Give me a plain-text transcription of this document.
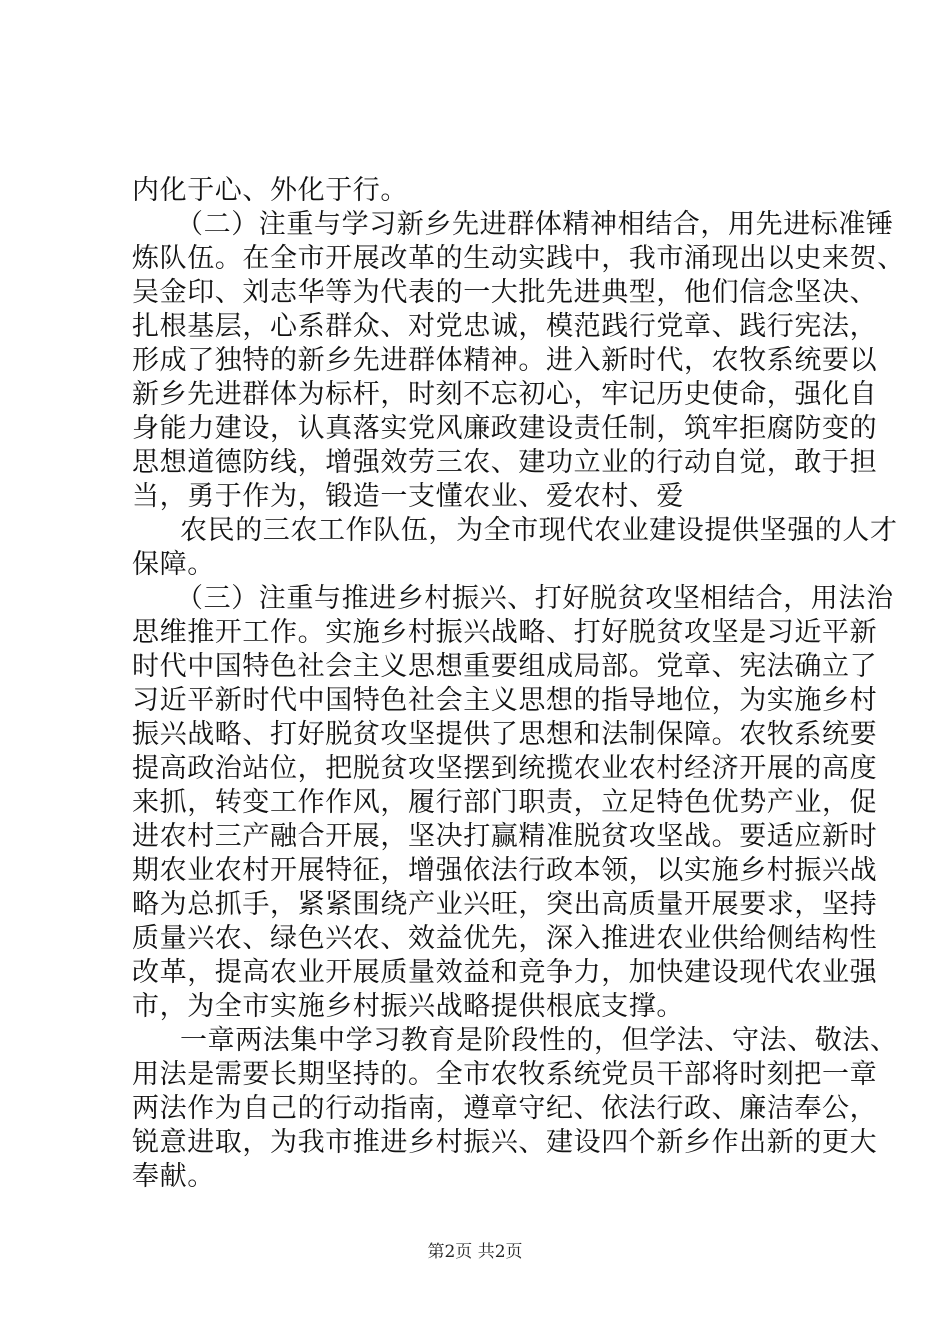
内化于心、外化于行。
（二）注重与学习新乡先进群体精神相结合，用先进标准锤
炼队伍。在全市开展改革的生动实践中，我市涌现出以史来贺、
吴金印、刘志华等为代表的一大批先进典型，他们信念坚决、
扎根基层，心系群众、对党忠诚，模范践行党章、践行宪法，
形成了独特的新乡先进群体精神。进入新时代，农牧系统要以
新乡先进群体为标杆，时刻不忘初心，牢记历史使命，强化自
身能力建设，认真落实党风廉政建设责任制，筑牢拒腐防变的
思想道德防线，增强效劳三农、建功立业的行动自觉，敢于担
当，勇于作为，锻造一支懂农业、爱农村、爱
农民的三农工作队伍，为全市现代农业建设提供坚强的人才
保障。
（三）注重与推进乡村振兴、打好脱贫攻坚相结合，用法治
思维推开工作。实施乡村振兴战略、打好脱贫攻坚是习近平新
时代中国特色社会主义思想重要组成局部。党章、宪法确立了
习近平新时代中国特色社会主义思想的指导地位，为实施乡村
振兴战略、打好脱贫攻坚提供了思想和法制保障。农牧系统要
提高政治站位，把脱贫攻坚摆到统揽农业农村经济开展的高度
来抓，转变工作作风，履行部门职责，立足特色优势产业，促
进农村三产融合开展，坚决打赢精准脱贫攻坚战。要适应新时
期农业农村开展特征，增强依法行政本领，以实施乡村振兴战
略为总抓手，紧紧围绕产业兴旺，突出高质量开展要求，坚持
质量兴农、绿色兴农、效益优先，深入推进农业供给侧结构性
改革，提高农业开展质量效益和竞争力，加快建设现代农业强
市，为全市实施乡村振兴战略提供根底支撑。
一章两法集中学习教育是阶段性的，但学法、守法、敬法、
用法是需要长期坚持的。全市农牧系统党员干部将时刻把一章
两法作为自己的行动指南，遵章守纪、依法行政、廉洁奉公，
锐意进取，为我市推进乡村振兴、建设四个新乡作出新的更大
奉献。
第2页 共2页
